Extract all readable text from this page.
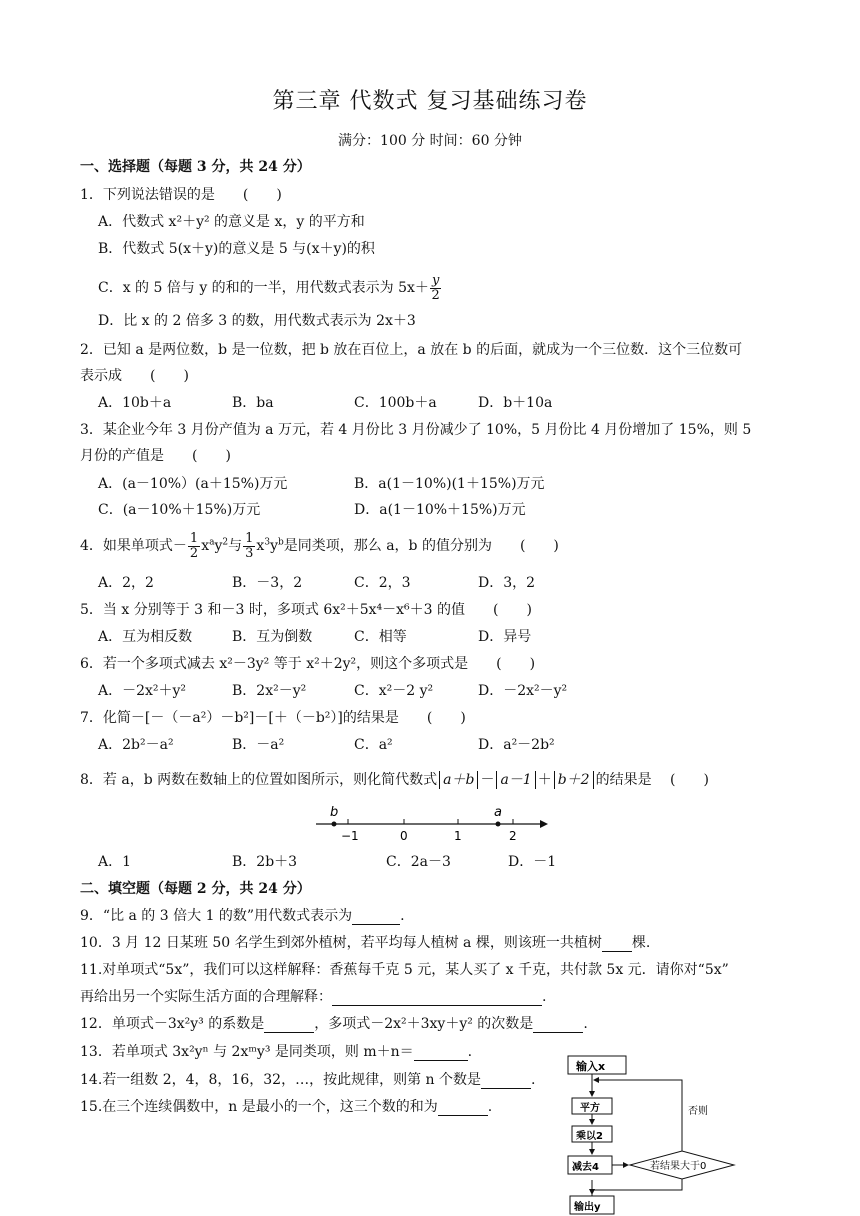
第三章 代数式 复习基础练习卷
满分：100 分 时间：60 分钟
一、选择题（每题 3 分，共 24 分）
1．下列说法错误的是　　(　　)
A．代数式 x²＋y² 的意义是 x，y 的平方和
B．代数式 5(x＋y)的意义是 5 与(x＋y)的积
C．x 的 5 倍与 y 的和的一半，用代数式表示为 $5x+ \frac{y}{2}$
D．比 x 的 2 倍多 3 的数，用代数式表示为 2x＋3
2．已知 a 是两位数，b 是一位数，把 b 放在百位上，a 放在 b 的后面，就成为一个三位数．这个三位数可
表示成　　(　　)
A．10b＋a	B．ba	C．100b＋a	D．b＋10a
3．某企业今年 3 月份产值为 a 万元，若 4 月份比 3 月份减少了 10%，5 月份比 4 月份增加了 15%，则 5
月份的产值是　　(　　)
A．(a－10%）(a＋15%)万元	B．a(1－10%)(1＋15%)万元
C．(a－10%＋15%)万元	D．a(1－10%＋15%)万元
4．如果单项式－ $\frac{1}{2} x^ay^2$与 $\frac{1}{3} x^3y^b$是同类项，那么 a，b 的值分别为　　(　　)
A．2，2	B．－3，2	C．2，3	D．3，2
5．当 x 分别等于 3 和－3 时，多项式 6x²＋5x⁴－x⁶＋3 的值　　(　　)
A．互为相反数	B．互为倒数	C．相等	D．异号
6．若一个多项式减去 x²－3y² 等于 x²＋2y²，则这个多项式是　　(　　)
A．－2x²＋y²	B．2x²－y²	C．x²－2 y²	D．－2x²－y²
7．化简－[－（－a²）－b²]－[＋（－b²）]的结果是　　(　　)
A．2b²－a²	B．－a²	C．a²	D．a²－2b²
8．若 a，b 两数在数轴上的位置如图所示，则化简代数式 a＋b － a－1 ＋ b＋2 的结果是　 (　　)
b	a
−1	0	1	2
A．1	B．2b＋3	C．2a－3	D．－1
二、填空题（每题 2 分，共 24 分）
9．“比 a 的 3 倍大 1 的数”用代数式表示为	.
10．3 月 12 日某班 50 名学生到郊外植树，若平均每人植树 a 棵，则该班一共植树 棵.
11.对单项式“5x”，我们可以这样解释：香蕉每千克 5 元，某人买了 x 千克，共付款 5x 元．请你对“5x”
再给出另一个实际生活方面的合理解释：	.
12．单项式－3x²y³ 的系数是	，多项式－2x²＋3xy＋y² 的次数是	.
13．若单项式 3x²yⁿ 与 2xᵐy³ 是同类项，则 m＋n＝	.
14.若一组数 2，4，8，16，32，…，按此规律，则第 n 个数是	.
15.在三个连续偶数中，n 是最小的一个，这三个数的和为	.
输入x
平方
乘以2
减去4	若结果大于0
否则
输出y
